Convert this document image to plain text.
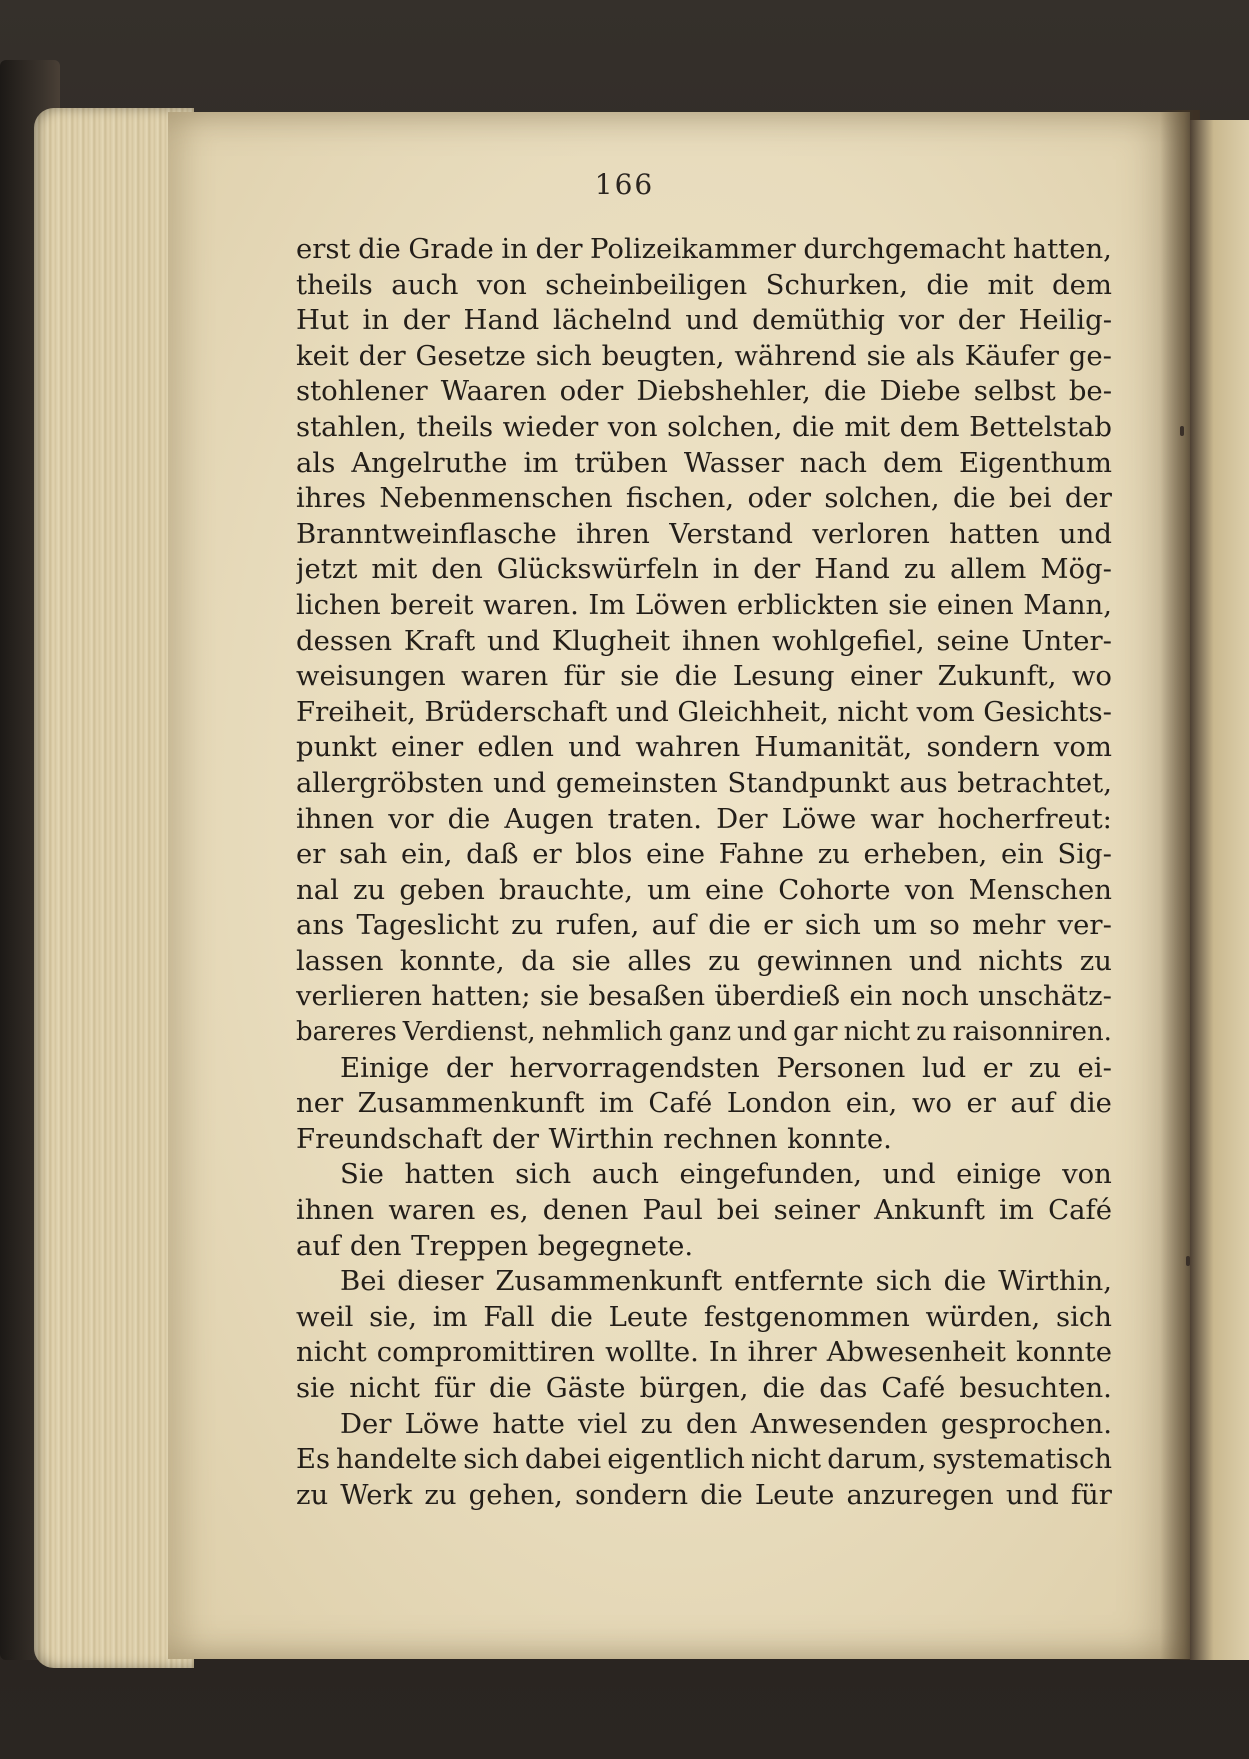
166
erst die Grade in der Polizeikammer durchgemacht hatten,
theils auch von scheinbeiligen Schurken, die mit dem
Hut in der Hand lächelnd und demüthig vor der Heilig-
keit der Gesetze sich beugten, während sie als Käufer ge-
stohlener Waaren oder Diebshehler, die Diebe selbst be-
stahlen, theils wieder von solchen, die mit dem Bettelstab
als Angelruthe im trüben Wasser nach dem Eigenthum
ihres Nebenmenschen fischen, oder solchen, die bei der
Branntweinflasche ihren Verstand verloren hatten und
jetzt mit den Glückswürfeln in der Hand zu allem Mög-
lichen bereit waren. Im Löwen erblickten sie einen Mann,
dessen Kraft und Klugheit ihnen wohlgefiel, seine Unter-
weisungen waren für sie die Lesung einer Zukunft, wo
Freiheit, Brüderschaft und Gleichheit, nicht vom Gesichts-
punkt einer edlen und wahren Humanität, sondern vom
allergröbsten und gemeinsten Standpunkt aus betrachtet,
ihnen vor die Augen traten. Der Löwe war hocherfreut:
er sah ein, daß er blos eine Fahne zu erheben, ein Sig-
nal zu geben brauchte, um eine Cohorte von Menschen
ans Tageslicht zu rufen, auf die er sich um so mehr ver-
lassen konnte, da sie alles zu gewinnen und nichts zu
verlieren hatten; sie besaßen überdieß ein noch unschätz-
bareres Verdienst, nehmlich ganz und gar nicht zu raisonniren.
Einige der hervorragendsten Personen lud er zu ei-
ner Zusammenkunft im Café London ein, wo er auf die
Freundschaft der Wirthin rechnen konnte.
Sie hatten sich auch eingefunden, und einige von
ihnen waren es, denen Paul bei seiner Ankunft im Café
auf den Treppen begegnete.
Bei dieser Zusammenkunft entfernte sich die Wirthin,
weil sie, im Fall die Leute festgenommen würden, sich
nicht compromittiren wollte. In ihrer Abwesenheit konnte
sie nicht für die Gäste bürgen, die das Café besuchten.
Der Löwe hatte viel zu den Anwesenden gesprochen.
Es handelte sich dabei eigentlich nicht darum, systematisch
zu Werk zu gehen, sondern die Leute anzuregen und für
